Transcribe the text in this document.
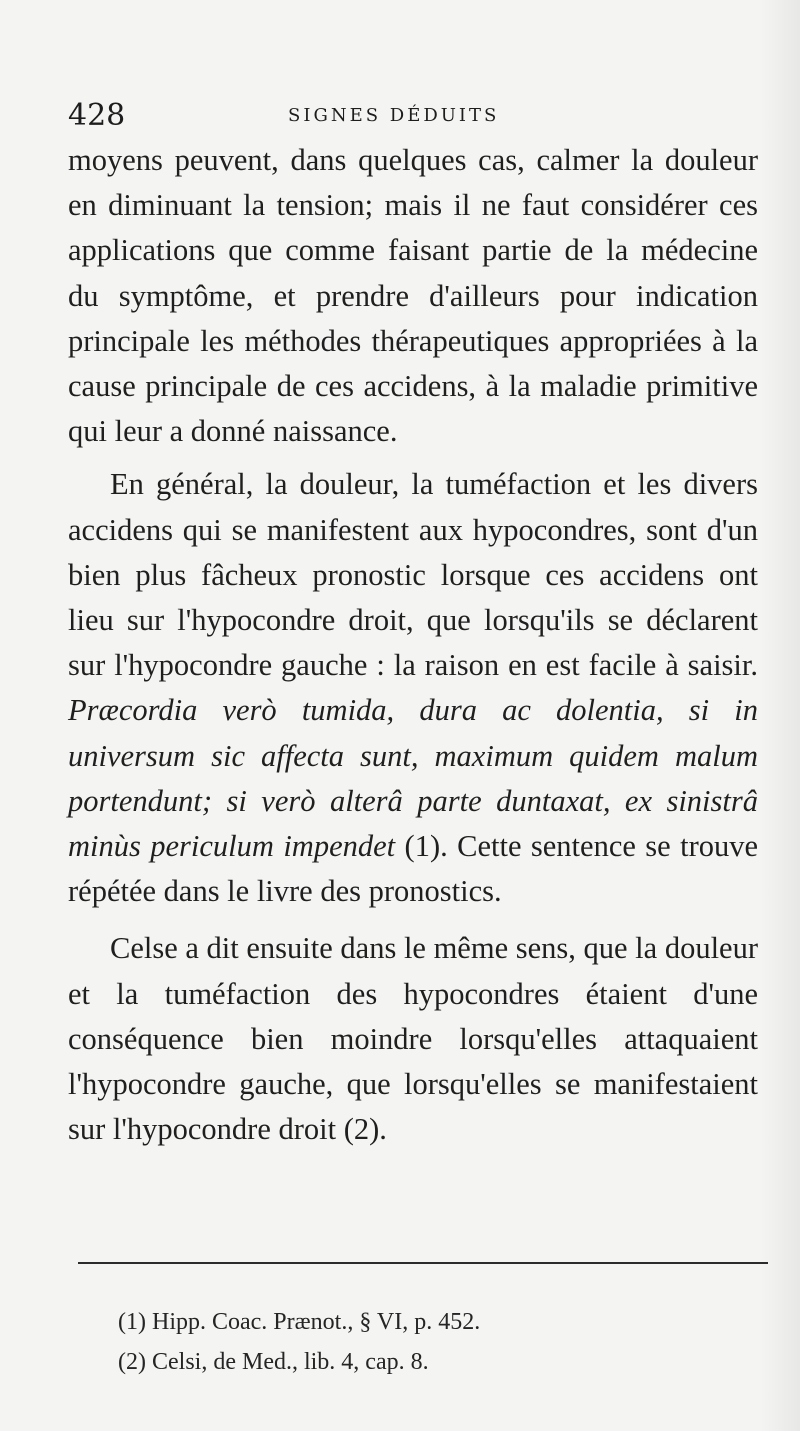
428	SIGNES DÉDUITS

moyens peuvent, dans quelques cas, calmer la douleur en diminuant la tension; mais il ne faut considérer ces applications que comme faisant partie de la médecine du symptôme, et prendre d'ailleurs pour indication principale les méthodes thérapeutiques appropriées à la cause principale de ces accidens, à la maladie primitive qui leur a donné naissance.

En général, la douleur, la tuméfaction et les divers accidens qui se manifestent aux hypocondres, sont d'un bien plus fâcheux pronostic lorsque ces accidens ont lieu sur l'hypocondre droit, que lorsqu'ils se déclarent sur l'hypocondre gauche : la raison en est facile à saisir. Præcordia verò tumida, dura ac dolentia, si in universum sic affecta sunt, maximum quidem malum portendunt; si verò alterâ parte duntaxat, ex sinistrâ minùs periculum impendet (1). Cette sentence se trouve répétée dans le livre des pronostics.

Celse a dit ensuite dans le même sens, que la douleur et la tuméfaction des hypocondres étaient d'une conséquence bien moindre lorsqu'elles attaquaient l'hypocondre gauche, que lorsqu'elles se manifestaient sur l'hypocondre droit (2).

(1) Hipp. Coac. Prænot., § VI, p. 452.

(2) Celsi, de Med., lib. 4, cap. 8.
